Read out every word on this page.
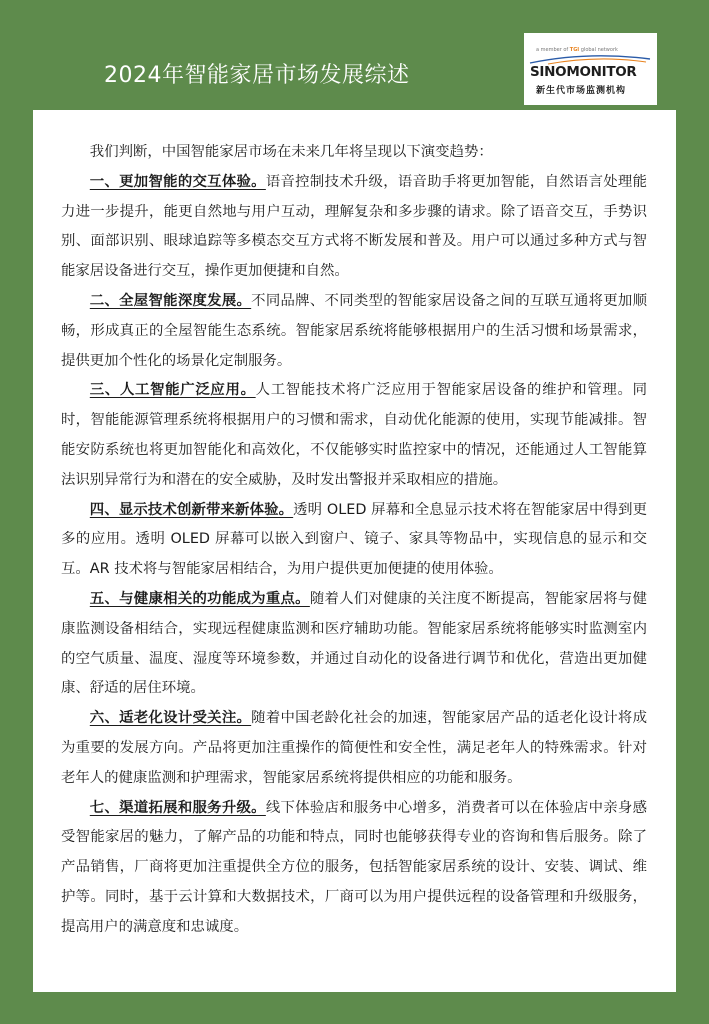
2024年智能家居市场发展综述
a member of TGI global network
SINOMONITOR
新生代市场监测机构

我们判断，中国智能家居市场在未来几年将呈现以下演变趋势：

一、更加智能的交互体验。语音控制技术升级，语音助手将更加智能，自然语言处理能力进一步提升，能更自然地与用户互动，理解复杂和多步骤的请求。除了语音交互，手势识别、面部识别、眼球追踪等多模态交互方式将不断发展和普及。用户可以通过多种方式与智能家居设备进行交互，操作更加便捷和自然。

二、全屋智能深度发展。不同品牌、不同类型的智能家居设备之间的互联互通将更加顺畅，形成真正的全屋智能生态系统。智能家居系统将能够根据用户的生活习惯和场景需求，提供更加个性化的场景化定制服务。

三、人工智能广泛应用。人工智能技术将广泛应用于智能家居设备的维护和管理。同时，智能能源管理系统将根据用户的习惯和需求，自动优化能源的使用，实现节能减排。智能安防系统也将更加智能化和高效化，不仅能够实时监控家中的情况，还能通过人工智能算法识别异常行为和潜在的安全威胁，及时发出警报并采取相应的措施。

四、显示技术创新带来新体验。透明 OLED 屏幕和全息显示技术将在智能家居中得到更多的应用。透明 OLED 屏幕可以嵌入到窗户、镜子、家具等物品中，实现信息的显示和交互。AR 技术将与智能家居相结合，为用户提供更加便捷的使用体验。

五、与健康相关的功能成为重点。随着人们对健康的关注度不断提高，智能家居将与健康监测设备相结合，实现远程健康监测和医疗辅助功能。智能家居系统将能够实时监测室内的空气质量、温度、湿度等环境参数，并通过自动化的设备进行调节和优化，营造出更加健康、舒适的居住环境。

六、适老化设计受关注。随着中国老龄化社会的加速，智能家居产品的适老化设计将成为重要的发展方向。产品将更加注重操作的简便性和安全性，满足老年人的特殊需求。针对老年人的健康监测和护理需求，智能家居系统将提供相应的功能和服务。

七、渠道拓展和服务升级。线下体验店和服务中心增多，消费者可以在体验店中亲身感受智能家居的魅力，了解产品的功能和特点，同时也能够获得专业的咨询和售后服务。除了产品销售，厂商将更加注重提供全方位的服务，包括智能家居系统的设计、安装、调试、维护等。同时，基于云计算和大数据技术，厂商可以为用户提供远程的设备管理和升级服务，提高用户的满意度和忠诚度。
